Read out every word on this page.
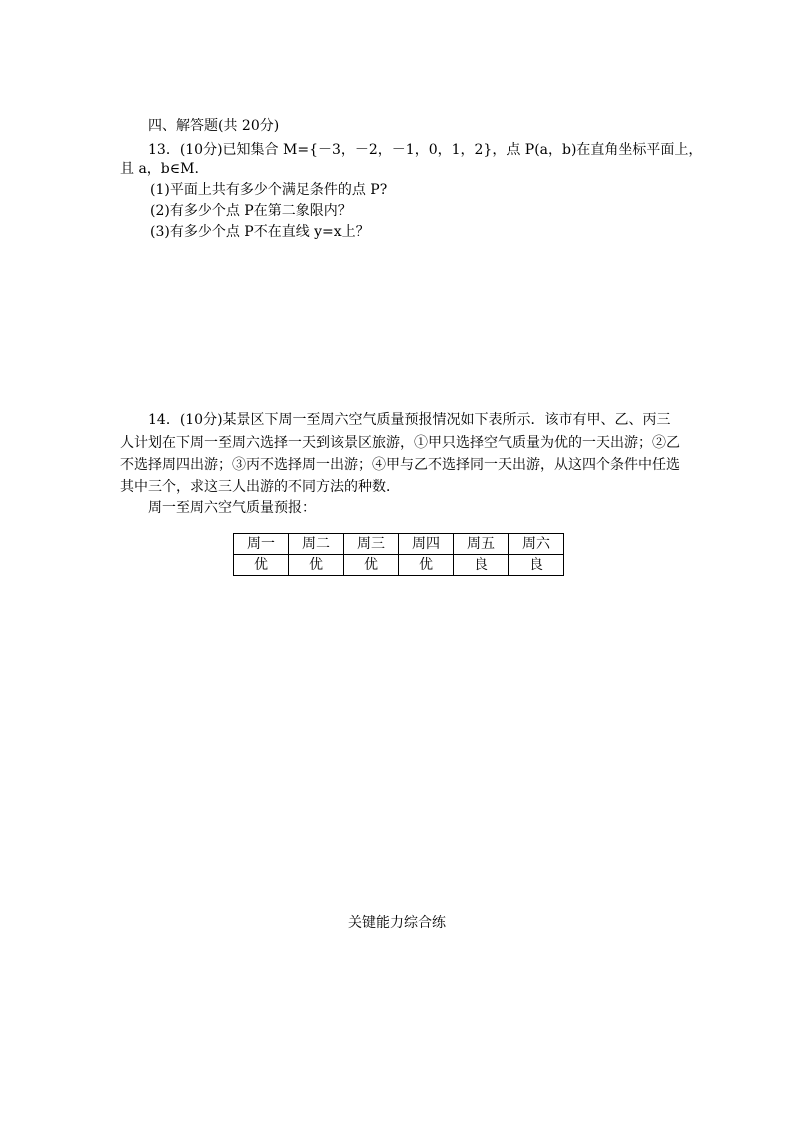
四、解答题(共 20分)
13．(10分)已知集合 M={－3，－2，－1，0，1，2}，点 P(a，b)在直角坐标平面上，
且 a，b∈M.
(1)平面上共有多少个满足条件的点 P?
(2)有多少个点 P在第二象限内？
(3)有多少个点 P不在直线 y=x上？
14．(10分)某景区下周一至周六空气质量预报情况如下表所示．该市有甲、乙、丙三
人计划在下周一至周六选择一天到该景区旅游，①甲只选择空气质量为优的一天出游；②乙
不选择周四出游；③丙不选择周一出游；④甲与乙不选择同一天出游，从这四个条件中任选
其中三个，求这三人出游的不同方法的种数．
周一至周六空气质量预报：
周一	周二	周三	周四	周五	周六
优	优	优	优	良	良
关键能力综合练
